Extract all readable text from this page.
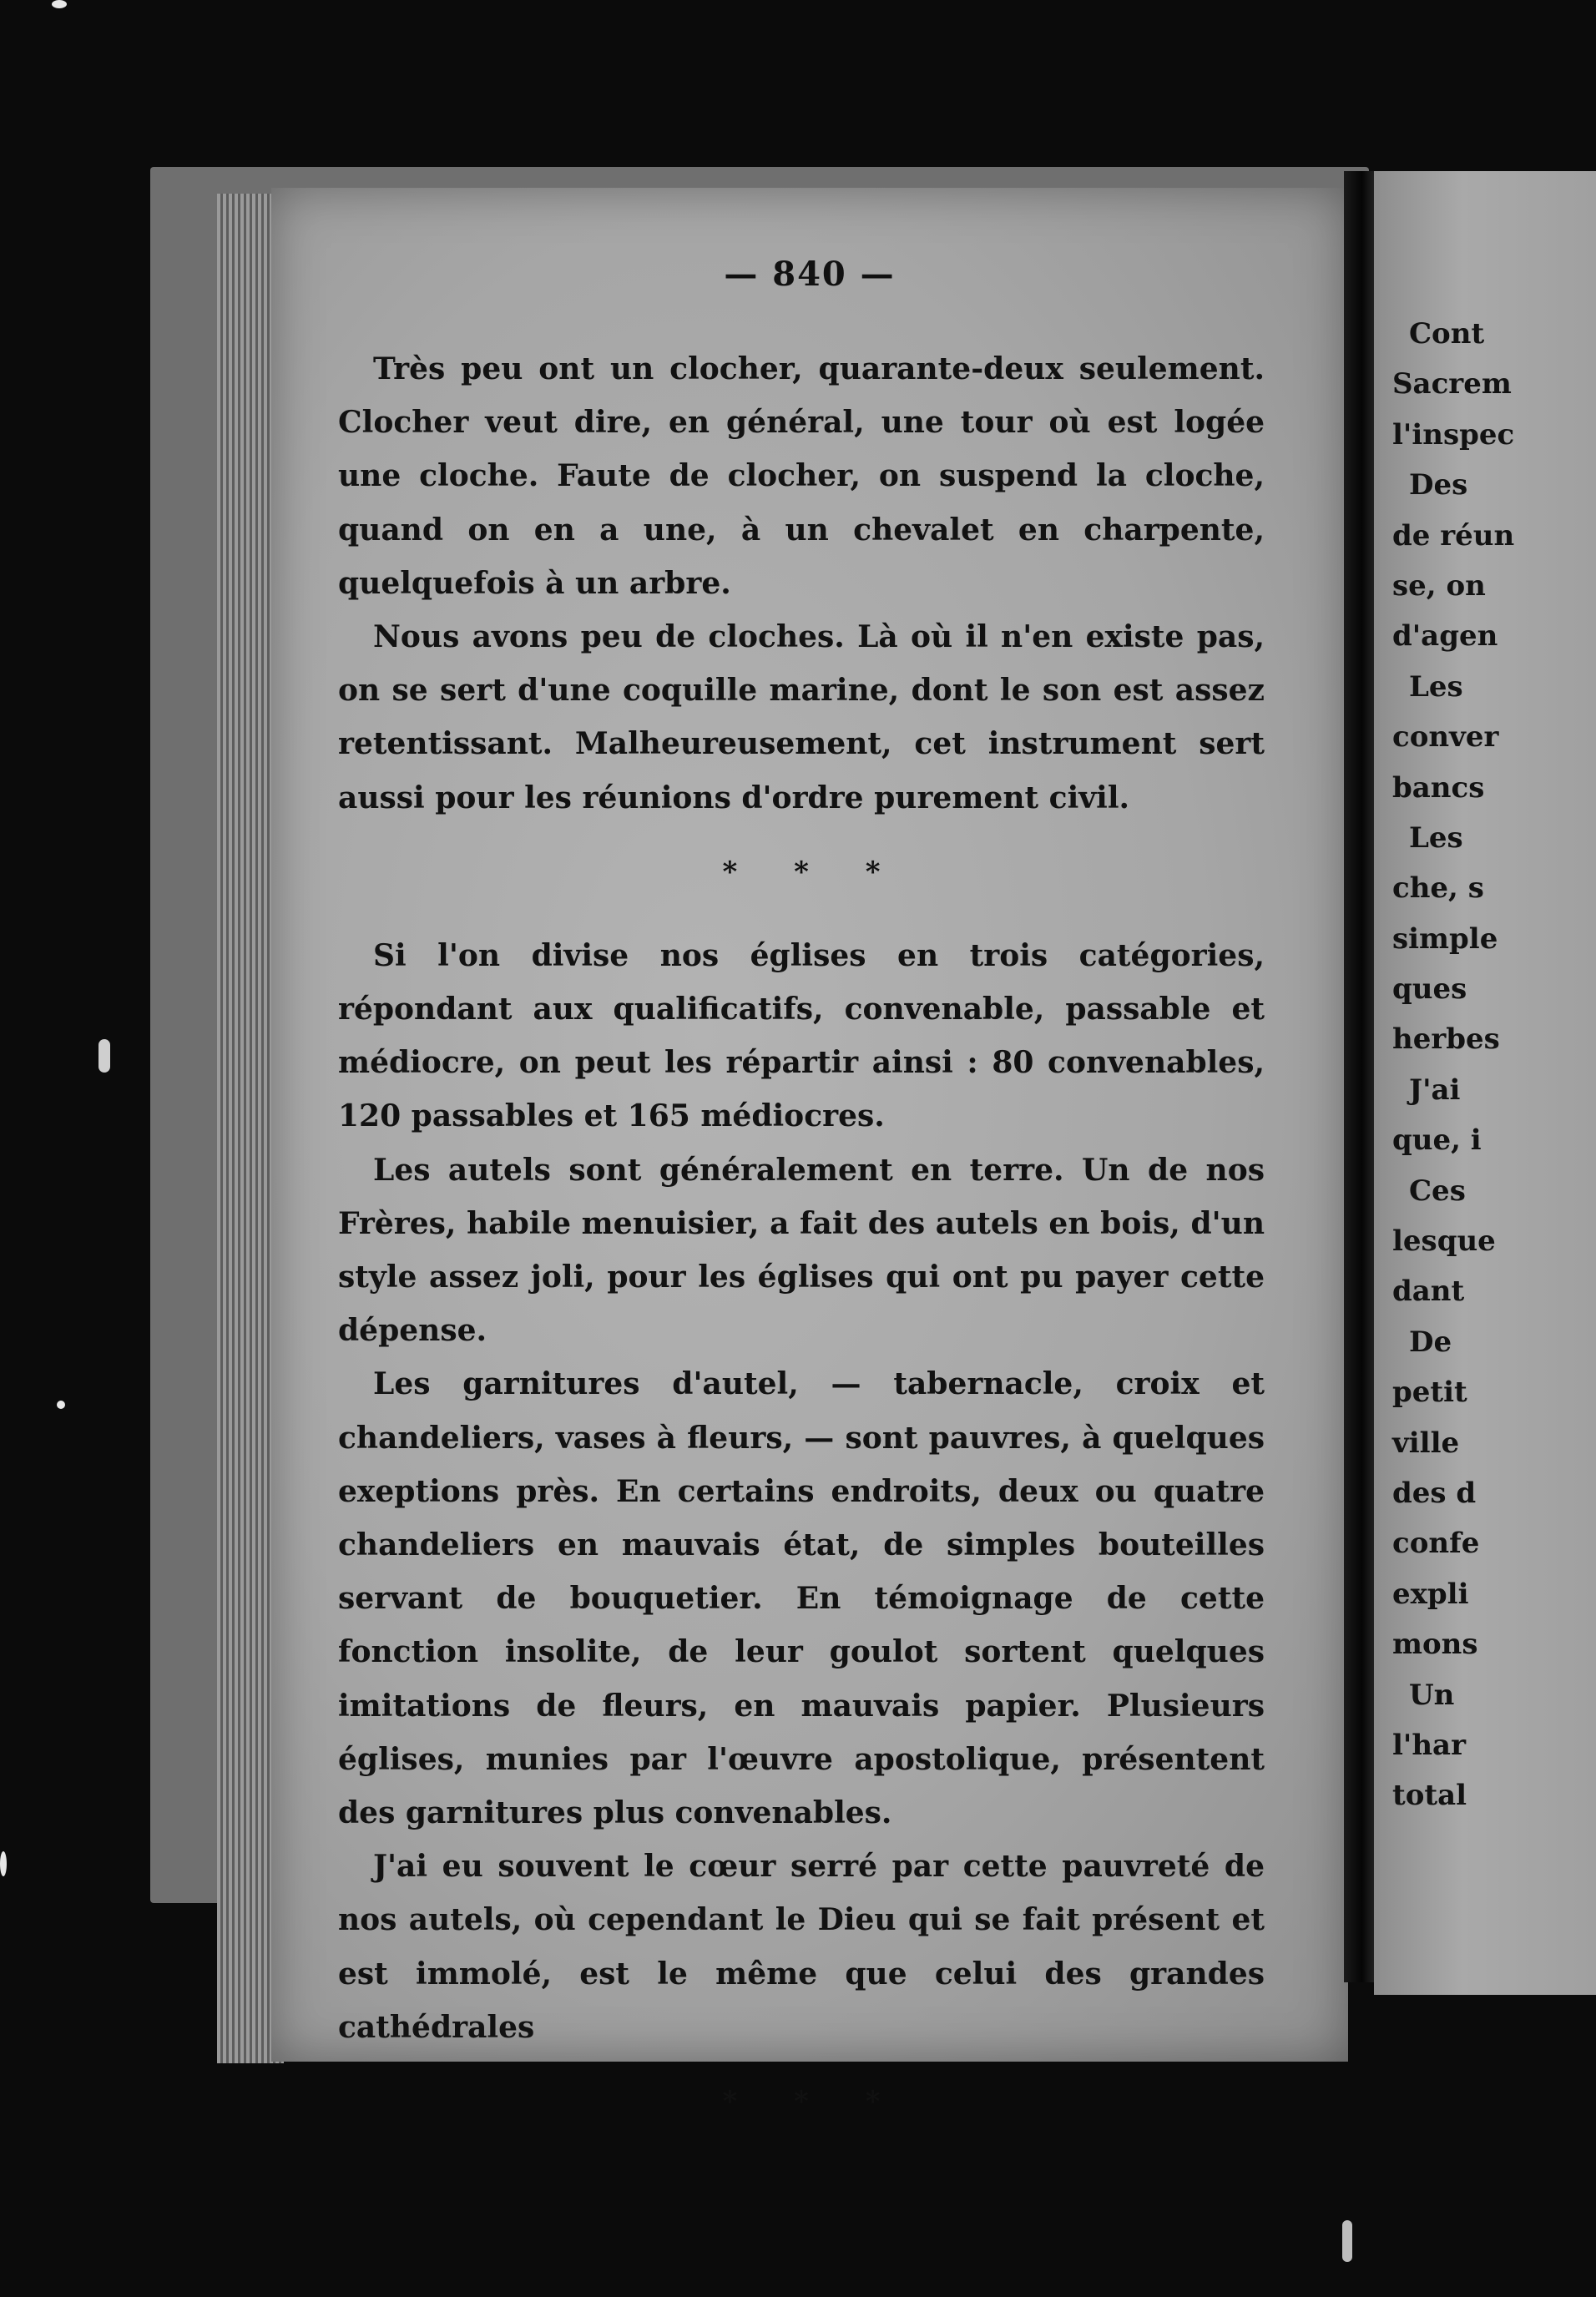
— 840 —

Très peu ont un clocher, quarante-deux seulement. Clocher veut dire, en général, une tour où est logée une cloche. Faute de clocher, on suspend la cloche, quand on en a une, à un chevalet en charpente, quelquefois à un arbre.

Nous avons peu de cloches. Là où il n'en existe pas, on se sert d'une coquille marine, dont le son est assez retentissant. Malheureusement, cet instrument sert aussi pour les réunions d'ordre purement civil.

* * *

Si l'on divise nos églises en trois catégories, répondant aux qualificatifs, convenable, passable et médiocre, on peut les répartir ainsi : 80 convenables, 120 passables et 165 médiocres.

Les autels sont généralement en terre. Un de nos Frères, habile menuisier, a fait des autels en bois, d'un style assez joli, pour les églises qui ont pu payer cette dépense.

Les garnitures d'autel, — tabernacle, croix et chandeliers, vases à fleurs, — sont pauvres, à quelques exeptions près. En certains endroits, deux ou quatre chandeliers en mauvais état, de simples bouteilles servant de bouquetier. En témoignage de cette fonction insolite, de leur goulot sortent quelques imitations de fleurs, en mauvais papier. Plusieurs églises, munies par l'œuvre apostolique, présentent des garnitures plus convenables.

J'ai eu souvent le cœur serré par cette pauvreté de nos autels, où cependant le Dieu qui se fait présent et est immolé, est le même que celui des grandes cathédrales

* * *
Cont
Sacrem
l'inspec
Des
de réun
se, on
d'agen
Les
conver
bancs
Les
che, s
simple
ques
herbes
J'ai
que, i
Ces
lesque
dant
De
petit
ville
des d
confe
expli
mons
Un
l'har
total
